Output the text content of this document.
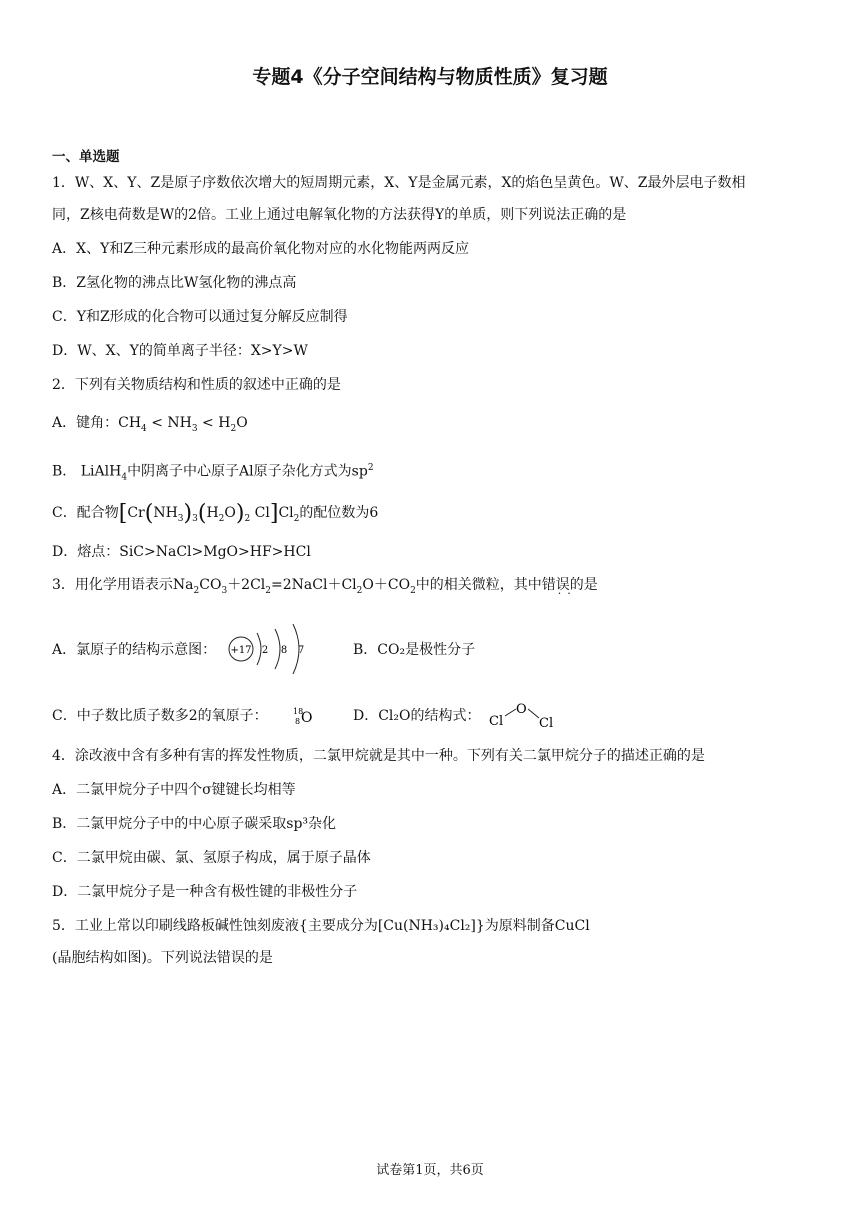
专题4《分子空间结构与物质性质》复习题
一、单选题
1．W、X、Y、Z是原子序数依次增大的短周期元素，X、Y是金属元素，X的焰色呈黄色。W、Z最外层电子数相
同，Z核电荷数是W的2倍。工业上通过电解氧化物的方法获得Y的单质，则下列说法正确的是
A．X、Y和Z三种元素形成的最高价氧化物对应的水化物能两两反应
B．Z氢化物的沸点比W氢化物的沸点高
C．Y和Z形成的化合物可以通过复分解反应制得
D．W、X、Y的简单离子半径：X>Y>W
2．下列有关物质结构和性质的叙述中正确的是
A．键角：$CH_4 < NH_3 < H_2O$
B． LiAlH$_4$中阴离子中心原子Al原子杂化方式为$sp^2$
C．配合物[$Cr(NH_3)_3(H_2O)_2$ $Cl]Cl_2$的配位数为6
D．熔点：SiC>NaCl>MgO>HF>HCl
3．用化学用语表示$Na_2CO_3+2Cl_2=2NaCl+Cl_2O+CO_2$中的相关微粒，其中错误 ··的是
A．氯原子的结构示意图： +17 2 8 7	B．CO₂是极性分子
C．中子数比质子数多2的氧原子：	18
8 O	D．Cl₂O的结构式： Cl
O
Cl
4．涂改液中含有多种有害的挥发性物质，二氯甲烷就是其中一种。下列有关二氯甲烷分子的描述正确的是
A．二氯甲烷分子中四个σ键键长均相等
B．二氯甲烷分子中的中心原子碳采取sp³杂化
C．二氯甲烷由碳、氯、氢原子构成，属于原子晶体
D．二氯甲烷分子是一种含有极性键的非极性分子
5．工业上常以印刷线路板碱性蚀刻废液{主要成分为[Cu(NH₃)₄Cl₂]}为原料制备CuCl
(晶胞结构如图)。下列说法错误的是
试卷第1页，共6页
